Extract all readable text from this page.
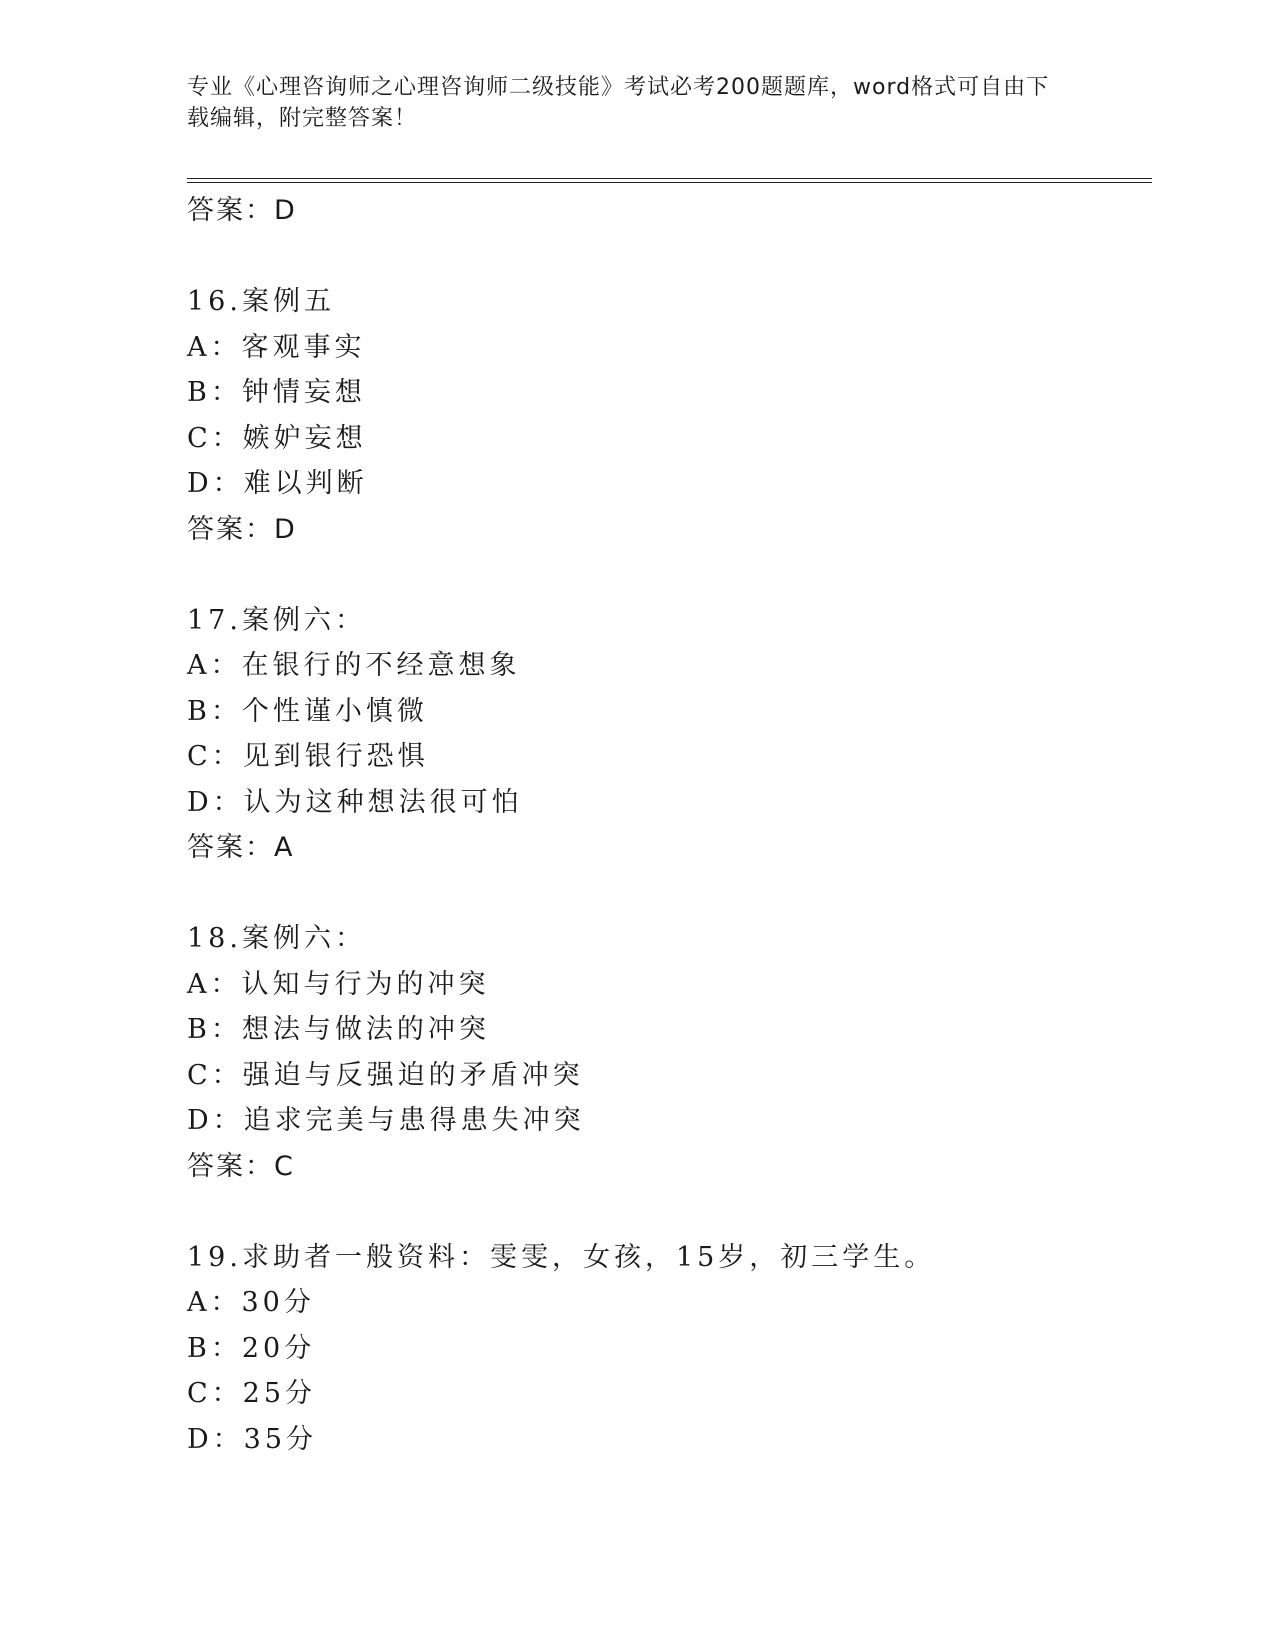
专业《心理咨询师之心理咨询师二级技能》考试必考200题题库，word格式可自由下载编辑，附完整答案！
答案：D
16.案例五
A：客观事实
B：钟情妄想
C：嫉妒妄想
D：难以判断
答案：D
17.案例六：
A：在银行的不经意想象
B：个性谨小慎微
C：见到银行恐惧
D：认为这种想法很可怕
答案：A
18.案例六：
A：认知与行为的冲突
B：想法与做法的冲突
C：强迫与反强迫的矛盾冲突
D：追求完美与患得患失冲突
答案：C
19.求助者一般资料：雯雯，女孩，15岁，初三学生。
A：30分
B：20分
C：25分
D：35分
